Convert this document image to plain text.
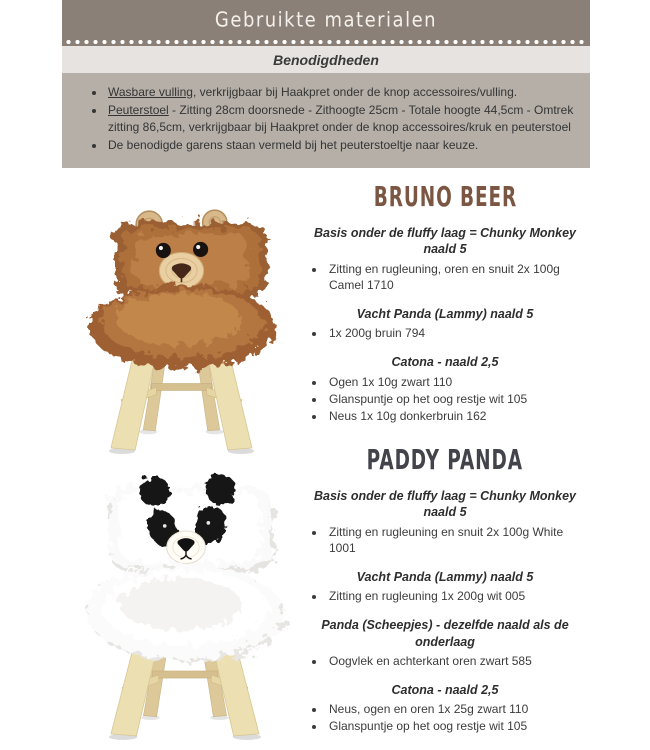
Gebruikte materialen
Benodigdheden
• Wasbare vulling, verkrijgbaar bij Haakpret onder de knop accessoires/vulling.
• Peuterstoel - Zitting 28cm doorsnede - Zithoogte 25cm - Totale hoogte 44,5cm - Omtrek zitting 86,5cm, verkrijgbaar bij Haakpret onder de knop accessoires/kruk en peuterstoel
• De benodigde garens staan vermeld bij het peuterstoeltje naar keuze.
BRUNO BEER
Basis onder de fluffy laag = Chunky Monkey naald 5
• Zitting en rugleuning, oren en snuit 2x 100g Camel 1710
Vacht Panda (Lammy) naald 5
• 1x 200g bruin 794
Catona - naald 2,5
• Ogen 1x 10g zwart 110
• Glanspuntje op het oog restje wit 105
• Neus 1x 10g donkerbruin 162
PADDY PANDA
Basis onder de fluffy laag = Chunky Monkey naald 5
• Zitting en rugleuning en snuit 2x 100g White 1001
Vacht Panda (Lammy) naald 5
• Zitting en rugleuning 1x 200g wit 005
Panda (Scheepjes) - dezelfde naald als de onderlaag
• Oogvlek en achterkant oren zwart 585
Catona - naald 2,5
• Neus, ogen en oren 1x 25g zwart 110
• Glanspuntje op het oog restje wit 105
